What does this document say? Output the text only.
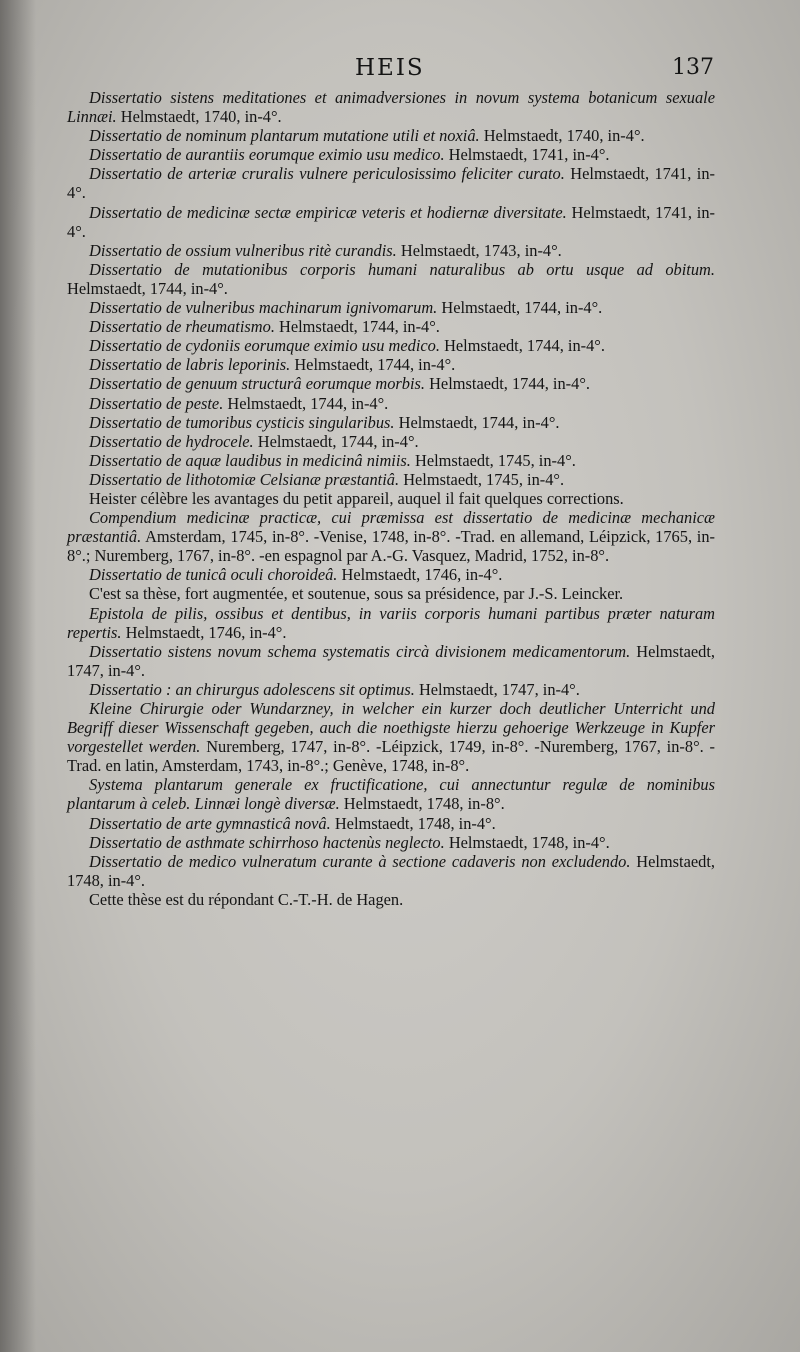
HEIS	137

Dissertatio sistens meditationes et animadversiones in novum systema botanicum sexuale Linnæi. Helmstaedt, 1740, in-4°.

Dissertatio de nominum plantarum mutatione utili et noxiâ. Helmstaedt, 1740, in-4°.

Dissertatio de aurantiis eorumque eximio usu medico. Helmstaedt, 1741, in-4°.

Dissertatio de arteriæ cruralis vulnere periculosissimo feliciter curato. Helmstaedt, 1741, in-4°.

Dissertatio de medicinæ sectæ empiricæ veteris et hodiernæ diversitate. Helmstaedt, 1741, in-4°.

Dissertatio de ossium vulneribus ritè curandis. Helmstaedt, 1743, in-4°.

Dissertatio de mutationibus corporis humani naturalibus ab ortu usque ad obitum. Helmstaedt, 1744, in-4°.

Dissertatio de vulneribus machinarum ignivomarum. Helmstaedt, 1744, in-4°.

Dissertatio de rheumatismo. Helmstaedt, 1744, in-4°.

Dissertatio de cydoniis eorumque eximio usu medico. Helmstaedt, 1744, in-4°.

Dissertatio de labris leporinis. Helmstaedt, 1744, in-4°.

Dissertatio de genuum structurâ eorumque morbis. Helmstaedt, 1744, in-4°.

Dissertatio de peste. Helmstaedt, 1744, in-4°.

Dissertatio de tumoribus cysticis singularibus. Helmstaedt, 1744, in-4°.

Dissertatio de hydrocele. Helmstaedt, 1744, in-4°.

Dissertatio de aquæ laudibus in medicinâ nimiis. Helmstaedt, 1745, in-4°.

Dissertatio de lithotomiæ Celsianæ præstantiâ. Helmstaedt, 1745, in-4°.

Heister célèbre les avantages du petit appareil, auquel il fait quelques corrections.

Compendium medicinæ practicæ, cui præmissa est dissertatio de medicinæ mechanicæ præstantiâ. Amsterdam, 1745, in-8°. -Venise, 1748, in-8°. -Trad. en allemand, Léipzick, 1765, in-8°.; Nuremberg, 1767, in-8°. -en espagnol par A.-G. Vasquez, Madrid, 1752, in-8°.

Dissertatio de tunicâ oculi choroideâ. Helmstaedt, 1746, in-4°.

C'est sa thèse, fort augmentée, et soutenue, sous sa présidence, par J.-S. Leincker.

Epistola de pilis, ossibus et dentibus, in variis corporis humani partibus præter naturam repertis. Helmstaedt, 1746, in-4°.

Dissertatio sistens novum schema systematis circà divisionem medicamentorum. Helmstaedt, 1747, in-4°.

Dissertatio : an chirurgus adolescens sit optimus. Helmstaedt, 1747, in-4°.

Kleine Chirurgie oder Wundarzney, in welcher ein kurzer doch deutlicher Unterricht und Begriff dieser Wissenschaft gegeben, auch die noethigste hierzu gehoerige Werkzeuge in Kupfer vorgestellet werden. Nuremberg, 1747, in-8°. -Léipzick, 1749, in-8°. -Nuremberg, 1767, in-8°. -Trad. en latin, Amsterdam, 1743, in-8°.; Genève, 1748, in-8°.

Systema plantarum generale ex fructificatione, cui annectuntur regulæ de nominibus plantarum à celeb. Linnæi longè diversæ. Helmstaedt, 1748, in-8°.

Dissertatio de arte gymnasticâ novâ. Helmstaedt, 1748, in-4°.

Dissertatio de asthmate schirrhoso hactenùs neglecto. Helmstaedt, 1748, in-4°.

Dissertatio de medico vulneratum curante à sectione cadaveris non excludendo. Helmstaedt, 1748, in-4°.

Cette thèse est du répondant C.-T.-H. de Hagen.
